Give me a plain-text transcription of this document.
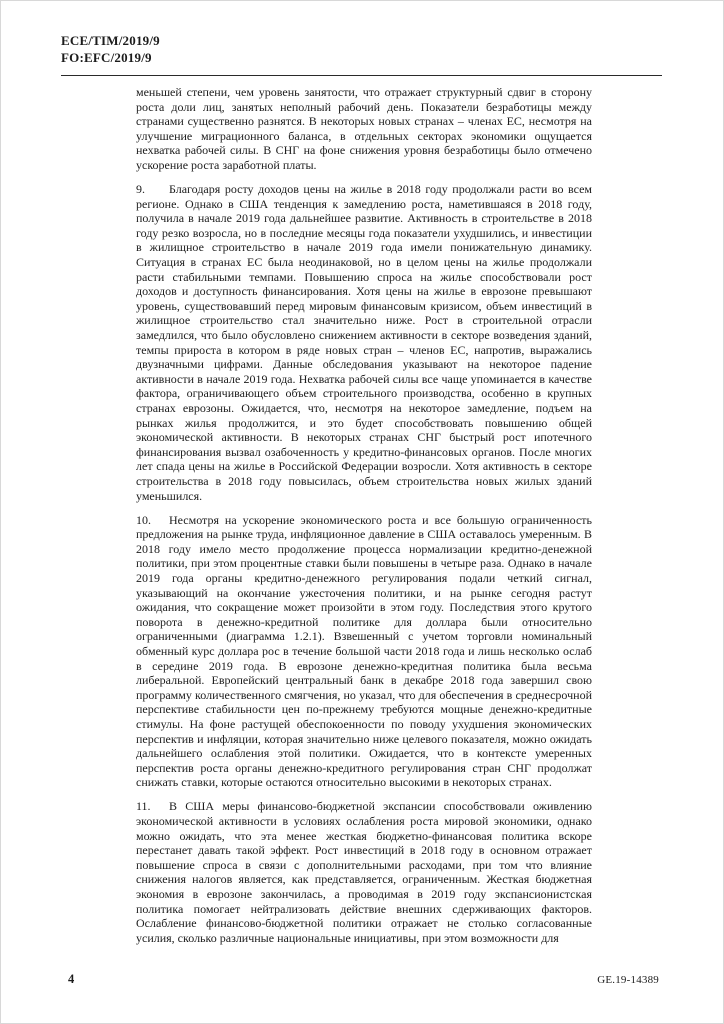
ECE/TIM/2019/9
FO:EFC/2019/9

меньшей степени, чем уровень занятости, что отражает структурный сдвиг в сторону роста доли лиц, занятых неполный рабочий день. Показатели безработицы между странами существенно разнятся. В некоторых новых странах – членах ЕС, несмотря на улучшение миграционного баланса, в отдельных секторах экономики ощущается нехватка рабочей силы. В СНГ на фоне снижения уровня безработицы было отмечено ускорение роста заработной платы.

9. Благодаря росту доходов цены на жилье в 2018 году продолжали расти во всем регионе. Однако в США тенденция к замедлению роста, наметившаяся в 2018 году, получила в начале 2019 года дальнейшее развитие. Активность в строительстве в 2018 году резко возросла, но в последние месяцы года показатели ухудшились, и инвестиции в жилищное строительство в начале 2019 года имели понижательную динамику. Ситуация в странах ЕС была неодинаковой, но в целом цены на жилье продолжали расти стабильными темпами. Повышению спроса на жилье способствовали рост доходов и доступность финансирования. Хотя цены на жилье в еврозоне превышают уровень, существовавший перед мировым финансовым кризисом, объем инвестиций в жилищное строительство стал значительно ниже. Рост в строительной отрасли замедлился, что было обусловлено снижением активности в секторе возведения зданий, темпы прироста в котором в ряде новых стран – членов ЕС, напротив, выражались двузначными цифрами. Данные обследования указывают на некоторое падение активности в начале 2019 года. Нехватка рабочей силы все чаще упоминается в качестве фактора, ограничивающего объем строительного производства, особенно в крупных странах еврозоны. Ожидается, что, несмотря на некоторое замедление, подъем на рынках жилья продолжится, и это будет способствовать повышению общей экономической активности. В некоторых странах СНГ быстрый рост ипотечного финансирования вызвал озабоченность у кредитно-финансовых органов. После многих лет спада цены на жилье в Российской Федерации возросли. Хотя активность в секторе строительства в 2018 году повысилась, объем строительства новых жилых зданий уменьшился.

10. Несмотря на ускорение экономического роста и все большую ограниченность предложения на рынке труда, инфляционное давление в США оставалось умеренным. В 2018 году имело место продолжение процесса нормализации кредитно-денежной политики, при этом процентные ставки были повышены в четыре раза. Однако в начале 2019 года органы кредитно-денежного регулирования подали четкий сигнал, указывающий на окончание ужесточения политики, и на рынке сегодня растут ожидания, что сокращение может произойти в этом году. Последствия этого крутого поворота в денежно-кредитной политике для доллара были относительно ограниченными (диаграмма 1.2.1). Взвешенный с учетом торговли номинальный обменный курс доллара рос в течение большой части 2018 года и лишь несколько ослаб в середине 2019 года. В еврозоне денежно-кредитная политика была весьма либеральной. Европейский центральный банк в декабре 2018 года завершил свою программу количественного смягчения, но указал, что для обеспечения в среднесрочной перспективе стабильности цен по-прежнему требуются мощные денежно-кредитные стимулы. На фоне растущей обеспокоенности по поводу ухудшения экономических перспектив и инфляции, которая значительно ниже целевого показателя, можно ожидать дальнейшего ослабления этой политики. Ожидается, что в контексте умеренных перспектив роста органы денежно-кредитного регулирования стран СНГ продолжат снижать ставки, которые остаются относительно высокими в некоторых странах.

11. В США меры финансово-бюджетной экспансии способствовали оживлению экономической активности в условиях ослабления роста мировой экономики, однако можно ожидать, что эта менее жесткая бюджетно-финансовая политика вскоре перестанет давать такой эффект. Рост инвестиций в 2018 году в основном отражает повышение спроса в связи с дополнительными расходами, при том что влияние снижения налогов является, как представляется, ограниченным. Жесткая бюджетная экономия в еврозоне закончилась, а проводимая в 2019 году экспансионистская политика помогает нейтрализовать действие внешних сдерживающих факторов. Ослабление финансово-бюджетной политики отражает не столько согласованные усилия, сколько различные национальные инициативы, при этом возможности для

4	GE.19-14389
